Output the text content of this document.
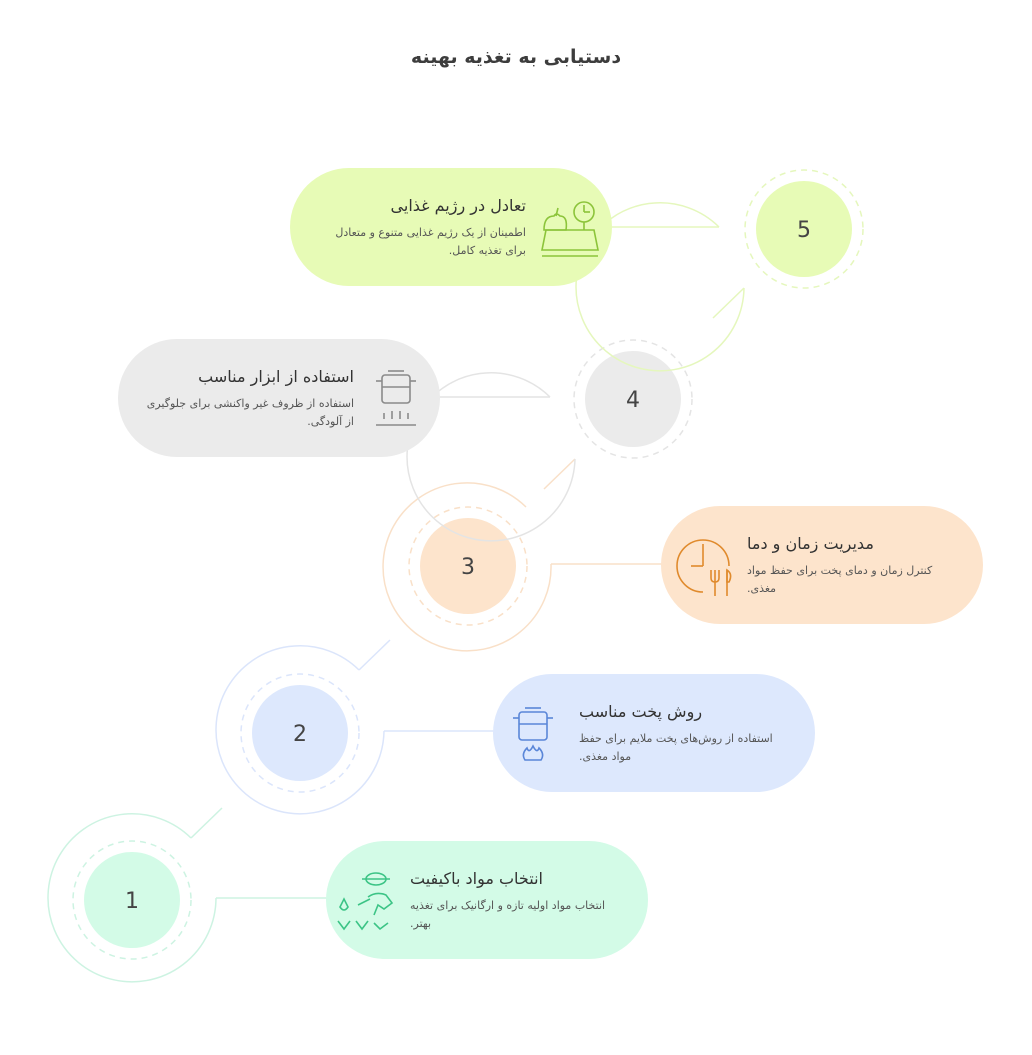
دستیابی به تغذیه بهینه
1
2
3
4
5
تعادل در رژیم غذایی
اطمینان از یک رژیم غذایی متنوع و متعادل برای تغذیه کامل.
استفاده از ابزار مناسب
استفاده از ظروف غیر واکنشی برای جلوگیری از آلودگی.
مدیریت زمان و دما
کنترل زمان و دمای پخت برای حفظ مواد مغذی.
روش پخت مناسب
استفاده از روش‌های پخت ملایم برای حفظ مواد مغذی.
انتخاب مواد باکیفیت
انتخاب مواد اولیه تازه و ارگانیک برای تغذیه بهتر.
